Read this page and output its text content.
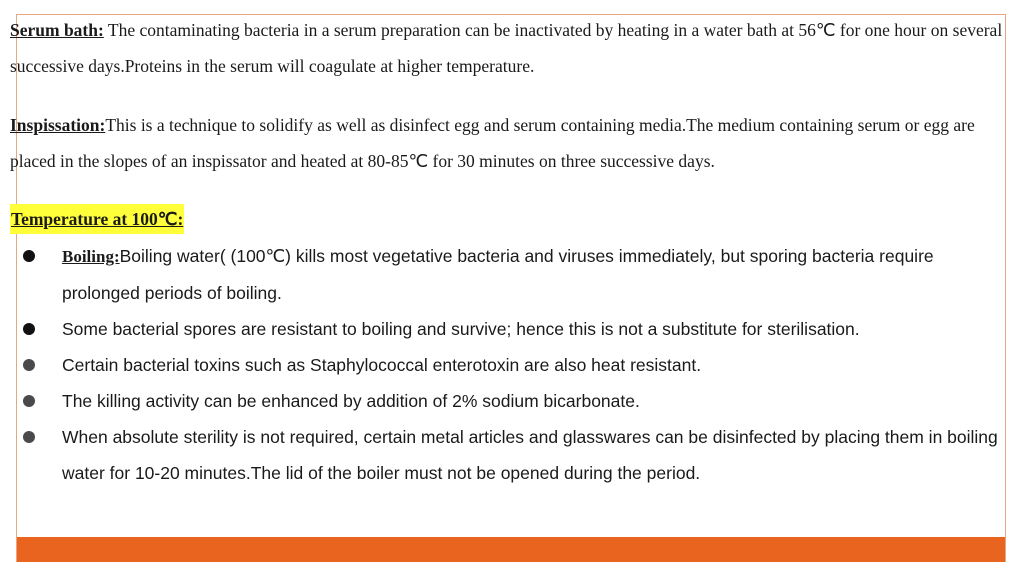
Serum bath: The contaminating bacteria in a serum preparation can be inactivated by heating in a water bath at 56℃ for one hour on several successive days.Proteins in the serum will coagulate at higher temperature.

Inspissation:This is a technique to solidify as well as disinfect egg and serum containing media.The medium containing serum or egg are placed in the slopes of an inspissator and heated at 80-85℃ for 30 minutes on three successive days.

Temperature at 100℃:

Boiling:Boiling water( (100℃) kills most vegetative bacteria and viruses immediately, but sporing bacteria require prolonged periods of boiling.
Some bacterial spores are resistant to boiling and survive; hence this is not a substitute for sterilisation.
Certain bacterial toxins such as Staphylococcal enterotoxin are also heat resistant.
The killing activity can be enhanced by addition of 2% sodium bicarbonate.
When absolute sterility is not required, certain metal articles and glasswares can be disinfected by placing them in boiling water for 10-20 minutes.The lid of the boiler must not be opened during the period.
